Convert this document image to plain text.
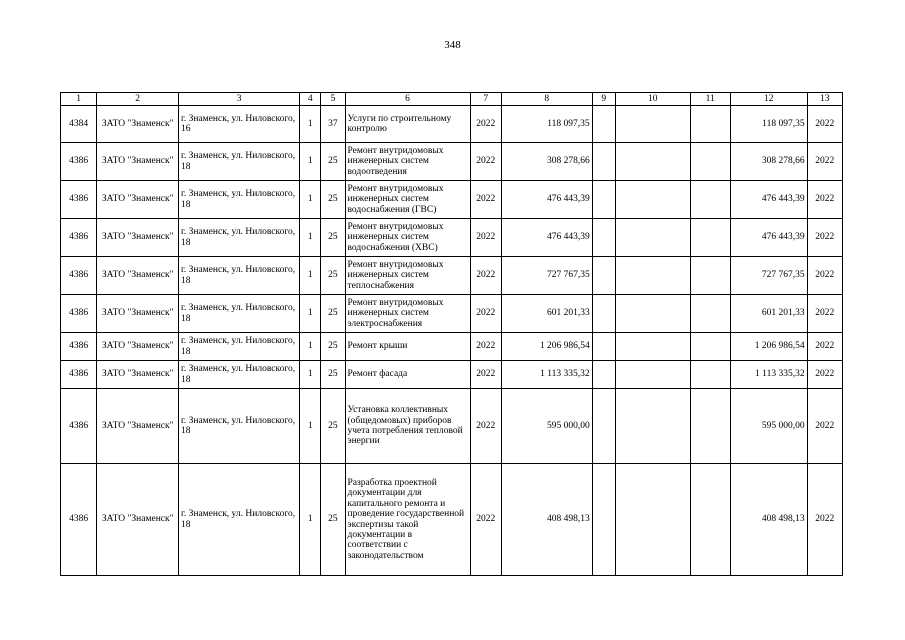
348
1	2	3	4	5	6	7	8	9	10	11	12	13
4384	ЗАТО "Знаменск"	г. Знаменск, ул. Ниловского, 16	1	37	Услуги по строительному контролю	2022	118 097,35				118 097,35	2022
4386	ЗАТО "Знаменск"	г. Знаменск, ул. Ниловского, 18	1	25	Ремонт внутридомовых инженерных систем водоотведения	2022	308 278,66				308 278,66	2022
4386	ЗАТО "Знаменск"	г. Знаменск, ул. Ниловского, 18	1	25	Ремонт внутридомовых инженерных систем водоснабжения (ГВС)	2022	476 443,39				476 443,39	2022
4386	ЗАТО "Знаменск"	г. Знаменск, ул. Ниловского, 18	1	25	Ремонт внутридомовых инженерных систем водоснабжения (ХВС)	2022	476 443,39				476 443,39	2022
4386	ЗАТО "Знаменск"	г. Знаменск, ул. Ниловского, 18	1	25	Ремонт внутридомовых инженерных систем теплоснабжения	2022	727 767,35				727 767,35	2022
4386	ЗАТО "Знаменск"	г. Знаменск, ул. Ниловского, 18	1	25	Ремонт внутридомовых инженерных систем электроснабжения	2022	601 201,33				601 201,33	2022
4386	ЗАТО "Знаменск"	г. Знаменск, ул. Ниловского, 18	1	25	Ремонт крыши	2022	1 206 986,54				1 206 986,54	2022
4386	ЗАТО "Знаменск"	г. Знаменск, ул. Ниловского, 18	1	25	Ремонт фасада	2022	1 113 335,32				1 113 335,32	2022
4386	ЗАТО "Знаменск"	г. Знаменск, ул. Ниловского, 18	1	25	Установка коллективных (общедомовых) приборов учета потребления тепловой энергии	2022	595 000,00				595 000,00	2022
4386	ЗАТО "Знаменск"	г. Знаменск, ул. Ниловского, 18	1	25	Разработка проектной документации для капитального ремонта и проведение государственной экспертизы такой документации в соответствии с законодательством	2022	408 498,13				408 498,13	2022
